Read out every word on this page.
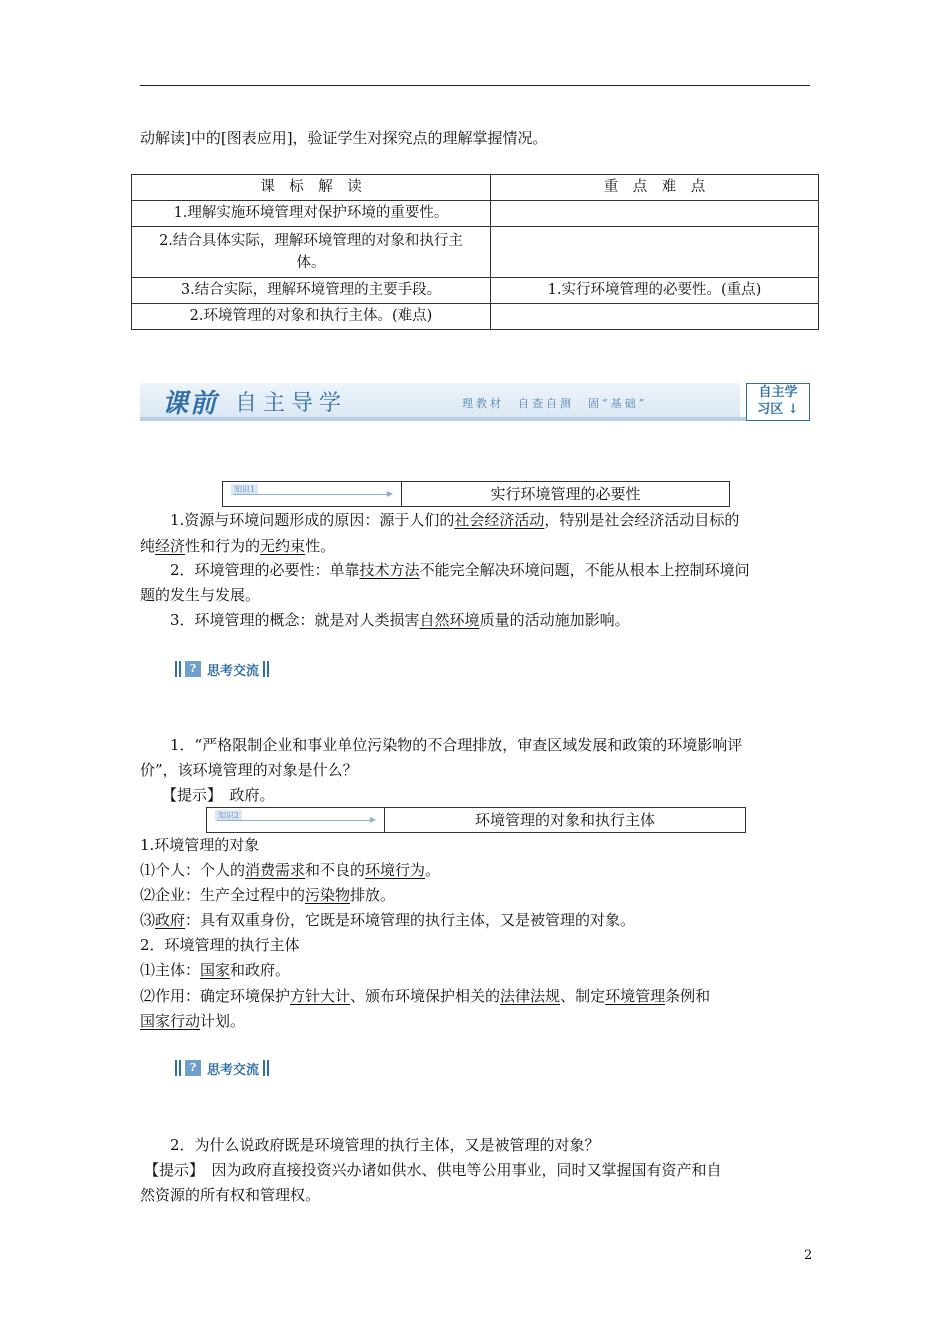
动解读]中的[图表应用]，验证学生对探究点的理解掌握情况。
课　标　解　读	重　点　难　点
1.理解实施环境管理对保护环境的重要性。	
2.结合具体实际，理解环境管理的对象和执行主体。	
3.结合实际，理解环境管理的主要手段。	1.实行环境管理的必要性。(重点)
2.环境管理的对象和执行主体。(难点)	
课前 自主导学	理教材　自查自测　固“基础”
自主学
习区 ↓
知识1	▶	实行环境管理的必要性
1.资源与环境问题形成的原因：源于人们的社会经济活动，特别是社会经济活动目标的
纯经济性和行为的无约束性。
2．环境管理的必要性：单靠技术方法不能完全解决环境问题，不能从根本上控制环境问
题的发生与发展。
3．环境管理的概念：就是对人类损害自然环境质量的活动施加影响。
? 思考交流
1．“严格限制企业和事业单位污染物的不合理排放，审查区域发展和政策的环境影响评
价”，该环境管理的对象是什么？
【提示】　 政府。
知识2	▶	环境管理的对象和执行主体
1.环境管理的对象
⑴个人：个人的消费需求和不良的环境行为。
⑵企业：生产全过程中的污染物排放。
⑶政府：具有双重身份，它既是环境管理的执行主体，又是被管理的对象。
2．环境管理的执行主体
⑴主体：国家和政府。
⑵作用：确定环境保护方针大计、颁布环境保护相关的法律法规、制定环境管理条例和
国家行动计划。
? 思考交流
2．为什么说政府既是环境管理的执行主体，又是被管理的对象？
【提示】　 因为政府直接投资兴办诸如供水、供电等公用事业，同时又掌握国有资产和自
然资源的所有权和管理权。
2
